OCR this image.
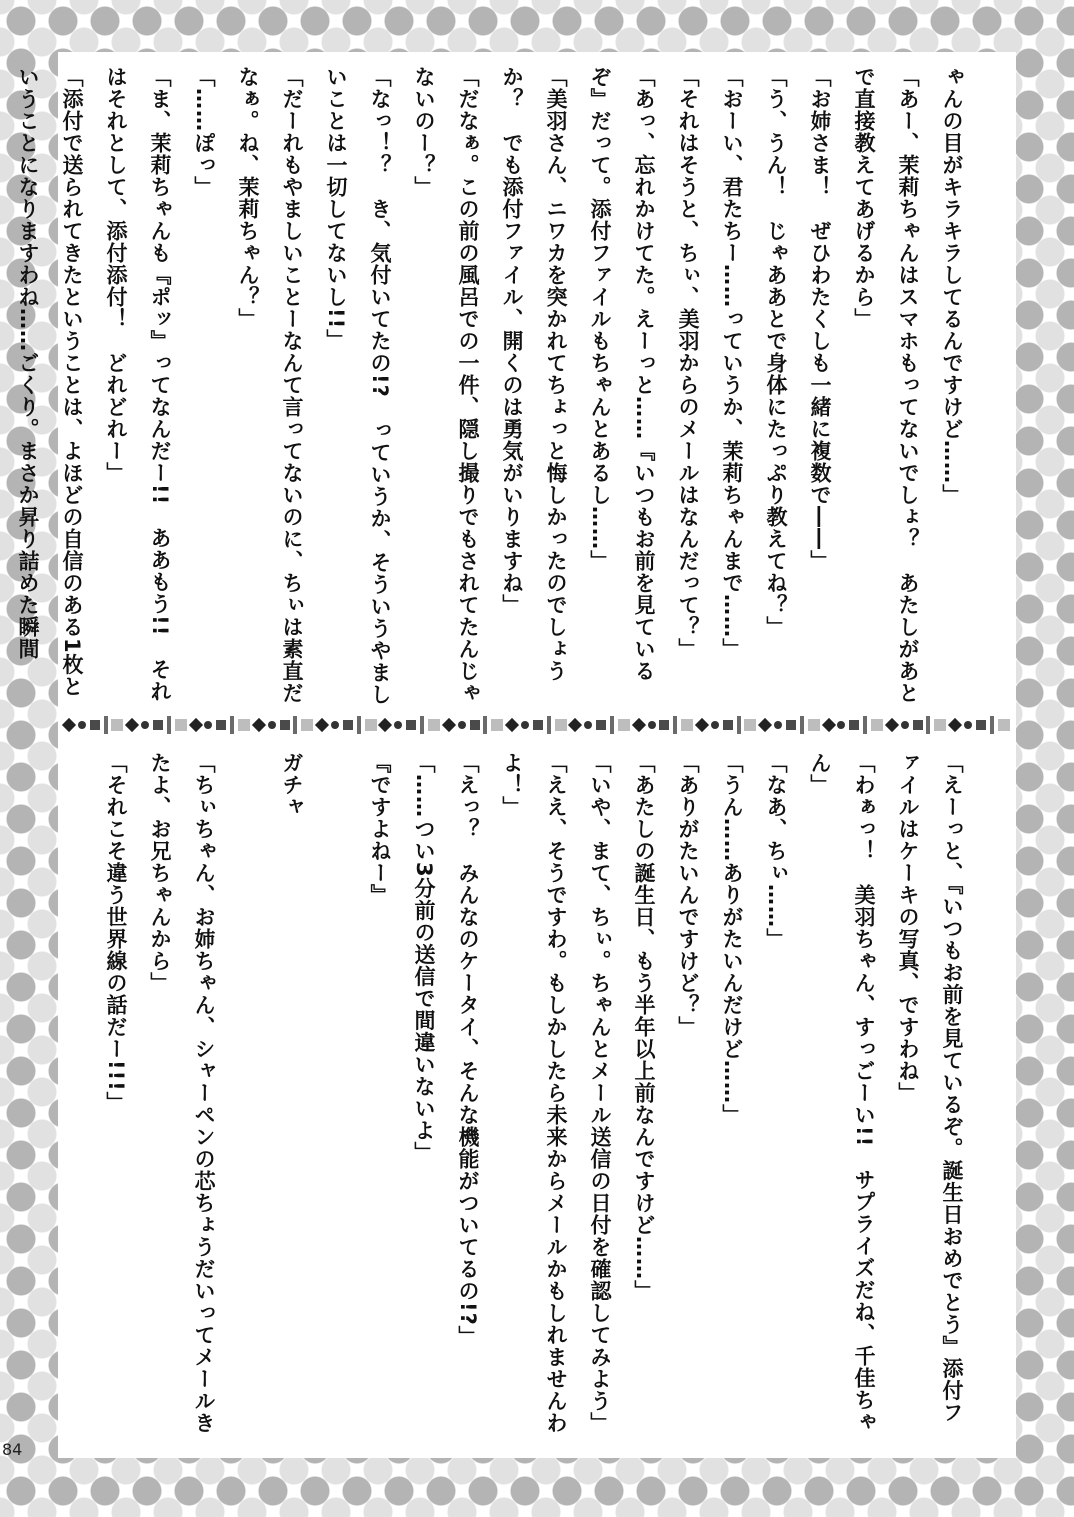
ゃんの目がキラキラしてるんですけど……」

「あー、茉莉ちゃんはスマホもってないでしょ？　あたしがあとで直接教えてあげるから」

「お姉さま！　ぜひわたくしも一緒に複数で――」

「う、うん！　じゃああとで身体にたっぷり教えてね？」

「おーい、君たちー……っていうか、茉莉ちゃんまで……」

「それはそうと、ちぃ、美羽からのメールはなんだって？」

「あっ、忘れかけてた。えーっと……『いつもお前を見ているぞ』だって。添付ファイルもちゃんとあるし……」

「美羽さん、ニワカを突かれてちょっと悔しかったのでしょうか？　でも添付ファイル、開くのは勇気がいりますね」

「だなぁ。この前の風呂での一件、隠し撮りでもされてたんじゃないのー？」

「なっ！？　き、気付いてたの!?　っていうか、そういうやましいことは一切してないし!!」

「だーれもやましいことーなんて言ってないのに、ちぃは素直だなぁ。ね、茉莉ちゃん？」

「……ぽっ」

「ま、茉莉ちゃんも『ポッ』ってなんだー!!　ああもう!!　それはそれとして、添付添付！　どれどれー」

「添付で送られてきたということは、よほどの自信のある1枚ということになりますわね……ごくり。まさか昇り詰めた瞬間

「えーっと、『いつもお前を見ているぞ。誕生日おめでとう』添付ファイルはケーキの写真、ですわね」

「わぁっ！　美羽ちゃん、すっごーい!!　サプライズだね、千佳ちゃん」

「なあ、ちぃ……」

「うん……ありがたいんだけど……」

「ありがたいんですけど？」

「あたしの誕生日、もう半年以上前なんですけど……」

「いや、まて、ちぃ。ちゃんとメール送信の日付を確認してみよう」

「ええ、そうですわ。もしかしたら未来からメールかもしれませんわよ！」

「えっ？　みんなのケータイ、そんな機能がついてるの!?」

「……つい3分前の送信で間違いないよ」

『ですよねー』

ガチャ

「ちぃちゃん、お姉ちゃん、シャーペンの芯ちょうだいってメールきたよ、お兄ちゃんから」

「それこそ違う世界線の話だー!!!」

84
